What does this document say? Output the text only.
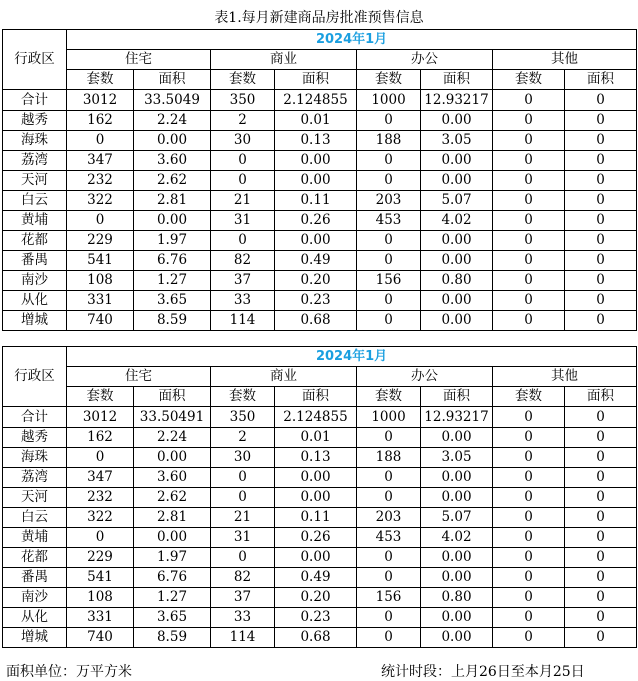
表1.每月新建商品房批准预售信息
行政区	2024年1月							
	住宅		商业		办公		其他	
	套数	面积	套数	面积	套数	面积	套数	面积
合计	3012	33.5049	350	2.124855	1000	12.93217	0	0
越秀	162	2.24	2	0.01	0	0.00	0	0
海珠	0	0.00	30	0.13	188	3.05	0	0
荔湾	347	3.60	0	0.00	0	0.00	0	0
天河	232	2.62	0	0.00	0	0.00	0	0
白云	322	2.81	21	0.11	203	5.07	0	0
黄埔	0	0.00	31	0.26	453	4.02	0	0
花都	229	1.97	0	0.00	0	0.00	0	0
番禺	541	6.76	82	0.49	0	0.00	0	0
南沙	108	1.27	37	0.20	156	0.80	0	0
从化	331	3.65	33	0.23	0	0.00	0	0
增城	740	8.59	114	0.68	0	0.00	0	0
行政区	2024年1月							
	住宅		商业		办公		其他	
	套数	面积	套数	面积	套数	面积	套数	面积
合计	3012	33.50491	350	2.124855	1000	12.93217	0	0
越秀	162	2.24	2	0.01	0	0.00	0	0
海珠	0	0.00	30	0.13	188	3.05	0	0
荔湾	347	3.60	0	0.00	0	0.00	0	0
天河	232	2.62	0	0.00	0	0.00	0	0
白云	322	2.81	21	0.11	203	5.07	0	0
黄埔	0	0.00	31	0.26	453	4.02	0	0
花都	229	1.97	0	0.00	0	0.00	0	0
番禺	541	6.76	82	0.49	0	0.00	0	0
南沙	108	1.27	37	0.20	156	0.80	0	0
从化	331	3.65	33	0.23	0	0.00	0	0
增城	740	8.59	114	0.68	0	0.00	0	0
面积单位：万平方米	统计时段：上月26日至本月25日
